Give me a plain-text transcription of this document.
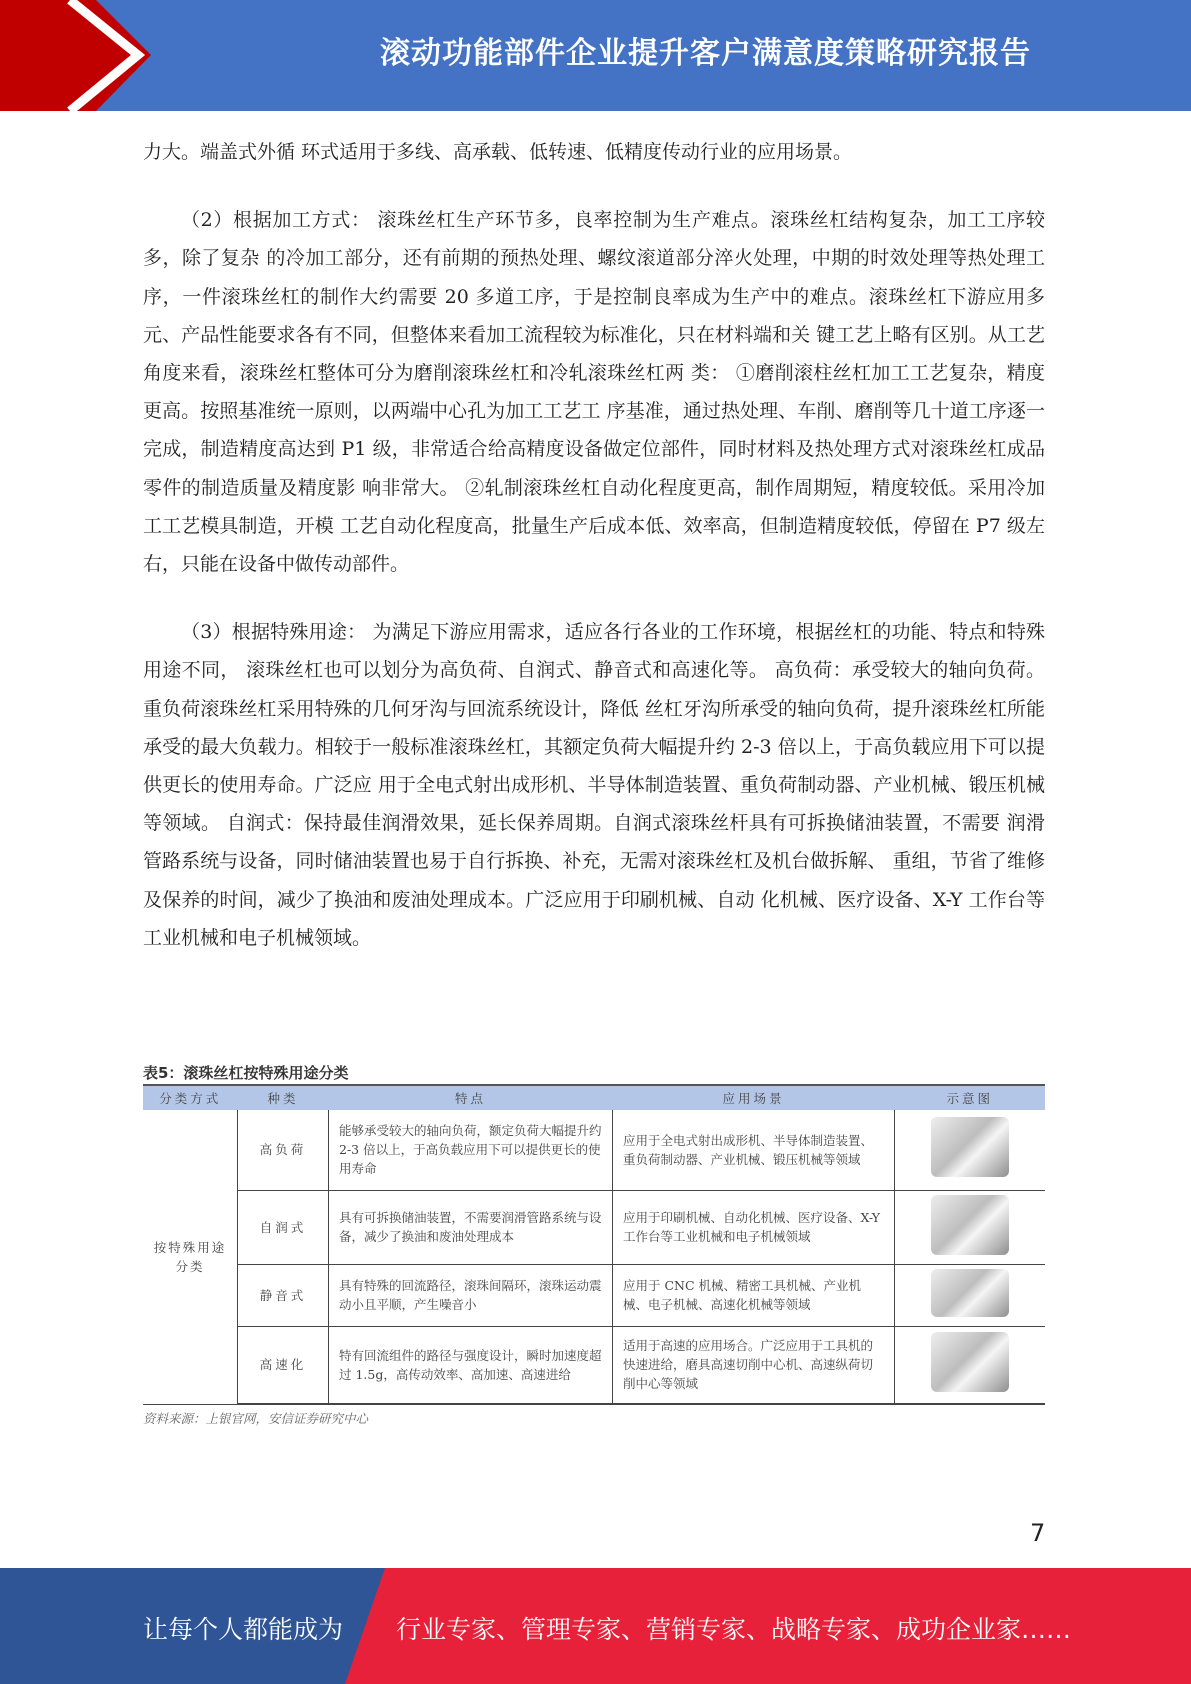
滚动功能部件企业提升客户满意度策略研究报告

力大。端盖式外循 环式适用于多线、高承载、低转速、低精度传动行业的应用场景。

（2）根据加工方式： 滚珠丝杠生产环节多，良率控制为生产难点。滚珠丝杠结构复杂，加工工序较多，除了复杂 的冷加工部分，还有前期的预热处理、螺纹滚道部分淬火处理，中期的时效处理等热处理工 序，一件滚珠丝杠的制作大约需要 20 多道工序，于是控制良率成为生产中的难点。滚珠丝杠下游应用多元、产品性能要求各有不同，但整体来看加工流程较为标准化，只在材料端和关 键工艺上略有区别。从工艺角度来看，滚珠丝杠整体可分为磨削滚珠丝杠和冷轧滚珠丝杠两 类： ①磨削滚柱丝杠加工工艺复杂，精度更高。按照基准统一原则，以两端中心孔为加工工艺工 序基准，通过热处理、车削、磨削等几十道工序逐一完成，制造精度高达到 P1 级，非常适合给高精度设备做定位部件，同时材料及热处理方式对滚珠丝杠成品零件的制造质量及精度影 响非常大。 ②轧制滚珠丝杠自动化程度更高，制作周期短，精度较低。采用冷加工工艺模具制造，开模 工艺自动化程度高，批量生产后成本低、效率高，但制造精度较低，停留在 P7 级左右，只能在设备中做传动部件。

（3）根据特殊用途： 为满足下游应用需求，适应各行各业的工作环境，根据丝杠的功能、特点和特殊用途不同， 滚珠丝杠也可以划分为高负荷、自润式、静音式和高速化等。 高负荷：承受较大的轴向负荷。重负荷滚珠丝杠采用特殊的几何牙沟与回流系统设计，降低 丝杠牙沟所承受的轴向负荷，提升滚珠丝杠所能承受的最大负载力。相较于一般标准滚珠丝杠，其额定负荷大幅提升约 2-3 倍以上，于高负载应用下可以提供更长的使用寿命。广泛应 用于全电式射出成形机、半导体制造装置、重负荷制动器、产业机械、锻压机械等领域。 自润式：保持最佳润滑效果，延长保养周期。自润式滚珠丝杆具有可拆换储油装置，不需要 润滑管路系统与设备，同时储油装置也易于自行拆换、补充，无需对滚珠丝杠及机台做拆解、 重组，节省了维修及保养的时间，减少了换油和废油处理成本。广泛应用于印刷机械、自动 化机械、医疗设备、X-Y 工作台等工业机械和电子机械领域。

表5：滚珠丝杠按特殊用途分类
分类方式	种类	特点	应用场景	示意图
按特殊用途分类	高负荷	能够承受较大的轴向负荷，额定负荷大幅提升约 2-3 倍以上，于高负载应用下可以提供更长的使用寿命	应用于全电式射出成形机、半导体制造装置、重负荷制动器、产业机械、锻压机械等领域	
	自润式	具有可拆换储油装置，不需要润滑管路系统与设备，减少了换油和废油处理成本	应用于印刷机械、自动化机械、医疗设备、X-Y 工作台等工业机械和电子机械领域	
	静音式	具有特殊的回流路径，滚珠间隔环，滚珠运动震动小且平顺，产生噪音小	应用于 CNC 机械、精密工具机械、产业机械、电子机械、高速化机械等领域	
	高速化	特有回流组件的路径与强度设计，瞬时加速度超过 1.5g，高传动效率、高加速、高速进给	适用于高速的应用场合。广泛应用于工具机的快速进给，磨具高速切削中心机、高速纵荷切削中心等领域	
资料来源：上银官网，安信证券研究中心
7
让每个人都能成为 行业专家、管理专家、营销专家、战略专家、成功企业家……
